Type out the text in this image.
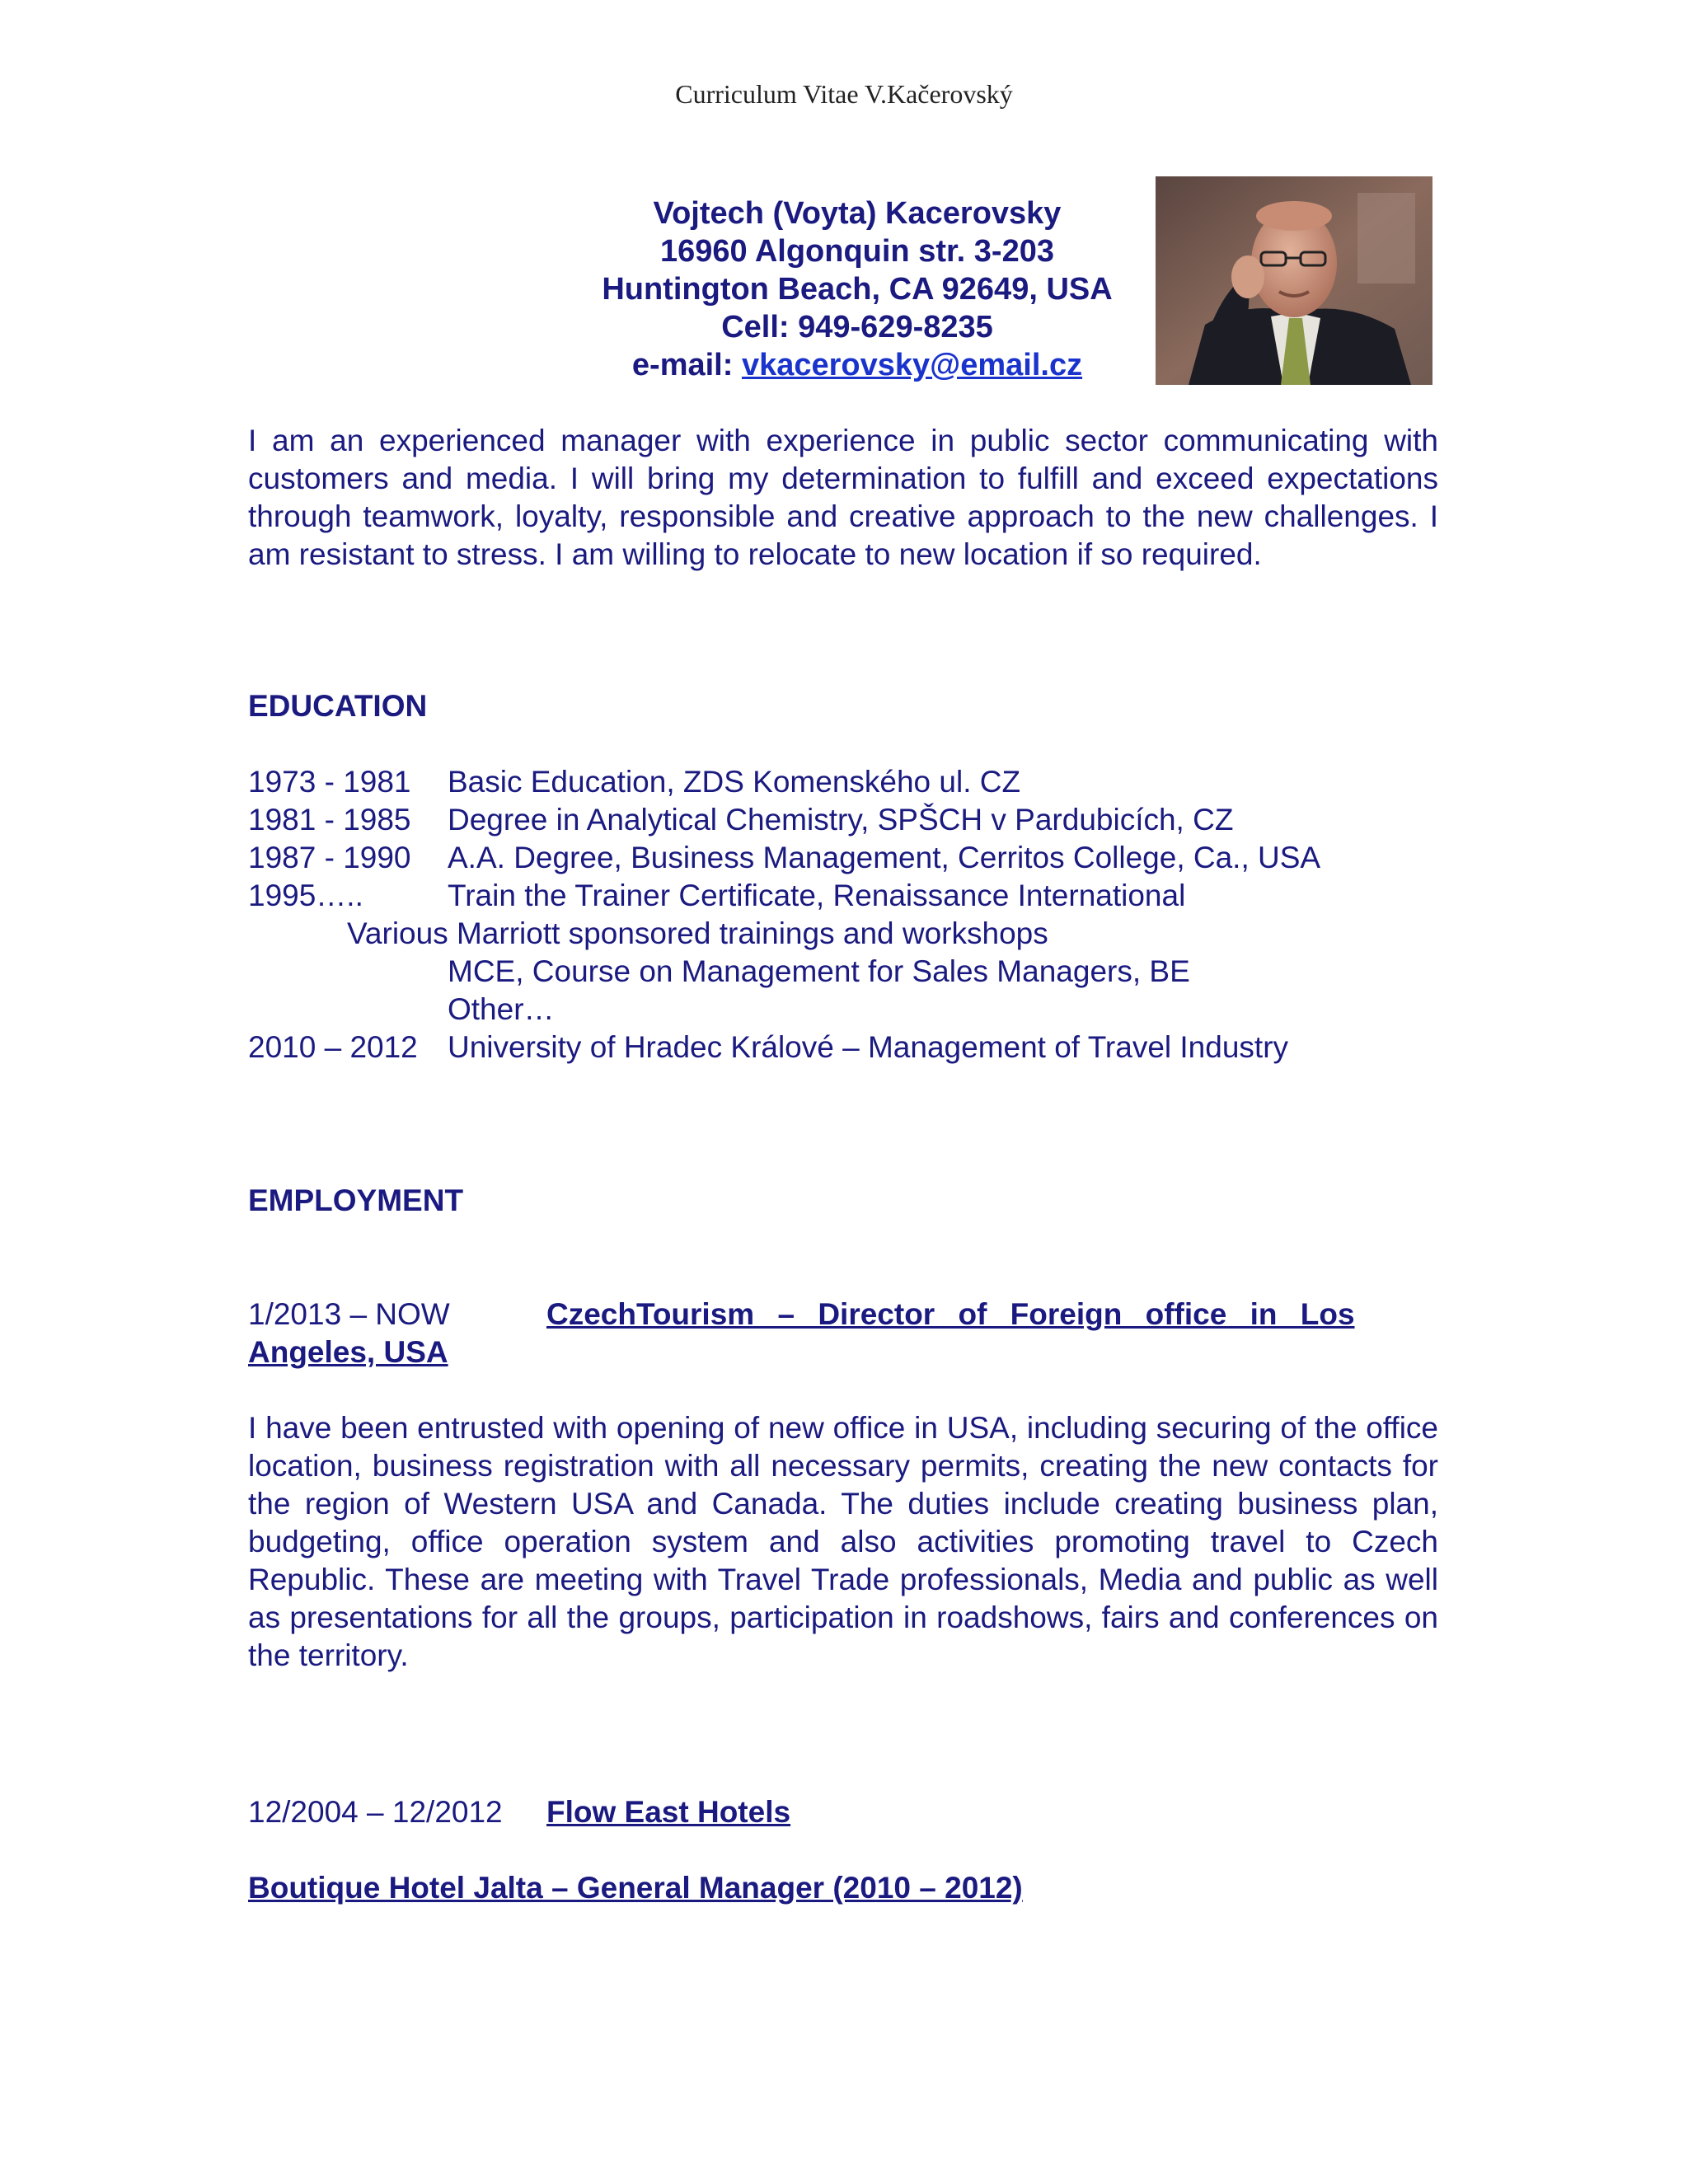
Curriculum Vitae V.Kačerovský
Vojtech (Voyta) Kacerovsky
16960 Algonquin str. 3-203
Huntington Beach, CA 92649, USA
Cell: 949-629-8235
e-mail: vkacerovsky@email.cz
I am an experienced manager with experience in public sector communicating with customers and media. I will bring my determination to fulfill and exceed expectations through teamwork, loyalty, responsible and creative approach to the new challenges. I am resistant to stress. I am willing to relocate to new location if so required.
EDUCATION
1973 - 1981	Basic Education, ZDS Komenského ul. CZ
1981 - 1985	Degree in Analytical Chemistry, SPŠCH v Pardubicích, CZ
1987 - 1990	A.A. Degree, Business Management, Cerritos College, Ca., USA
1995…..	Train the Trainer Certificate, Renaissance International
Various Marriott sponsored trainings and workshops
MCE, Course on Management for Sales Managers, BE
Other…
2010 – 2012 University of Hradec Králové – Management of Travel Industry
EMPLOYMENT
1/2013 – NOW	CzechTourism – Director of Foreign office in Los
Angeles, USA
I have been entrusted with opening of new office in USA, including securing of the office location, business registration with all necessary permits, creating the new contacts for the region of Western USA and Canada. The duties include creating business plan, budgeting, office operation system and also activities promoting travel to Czech Republic. These are meeting with Travel Trade professionals, Media and public as well as presentations for all the groups, participation in roadshows, fairs and conferences on the territory.
12/2004 – 12/2012	Flow East Hotels
Boutique Hotel Jalta – General Manager (2010 – 2012)
